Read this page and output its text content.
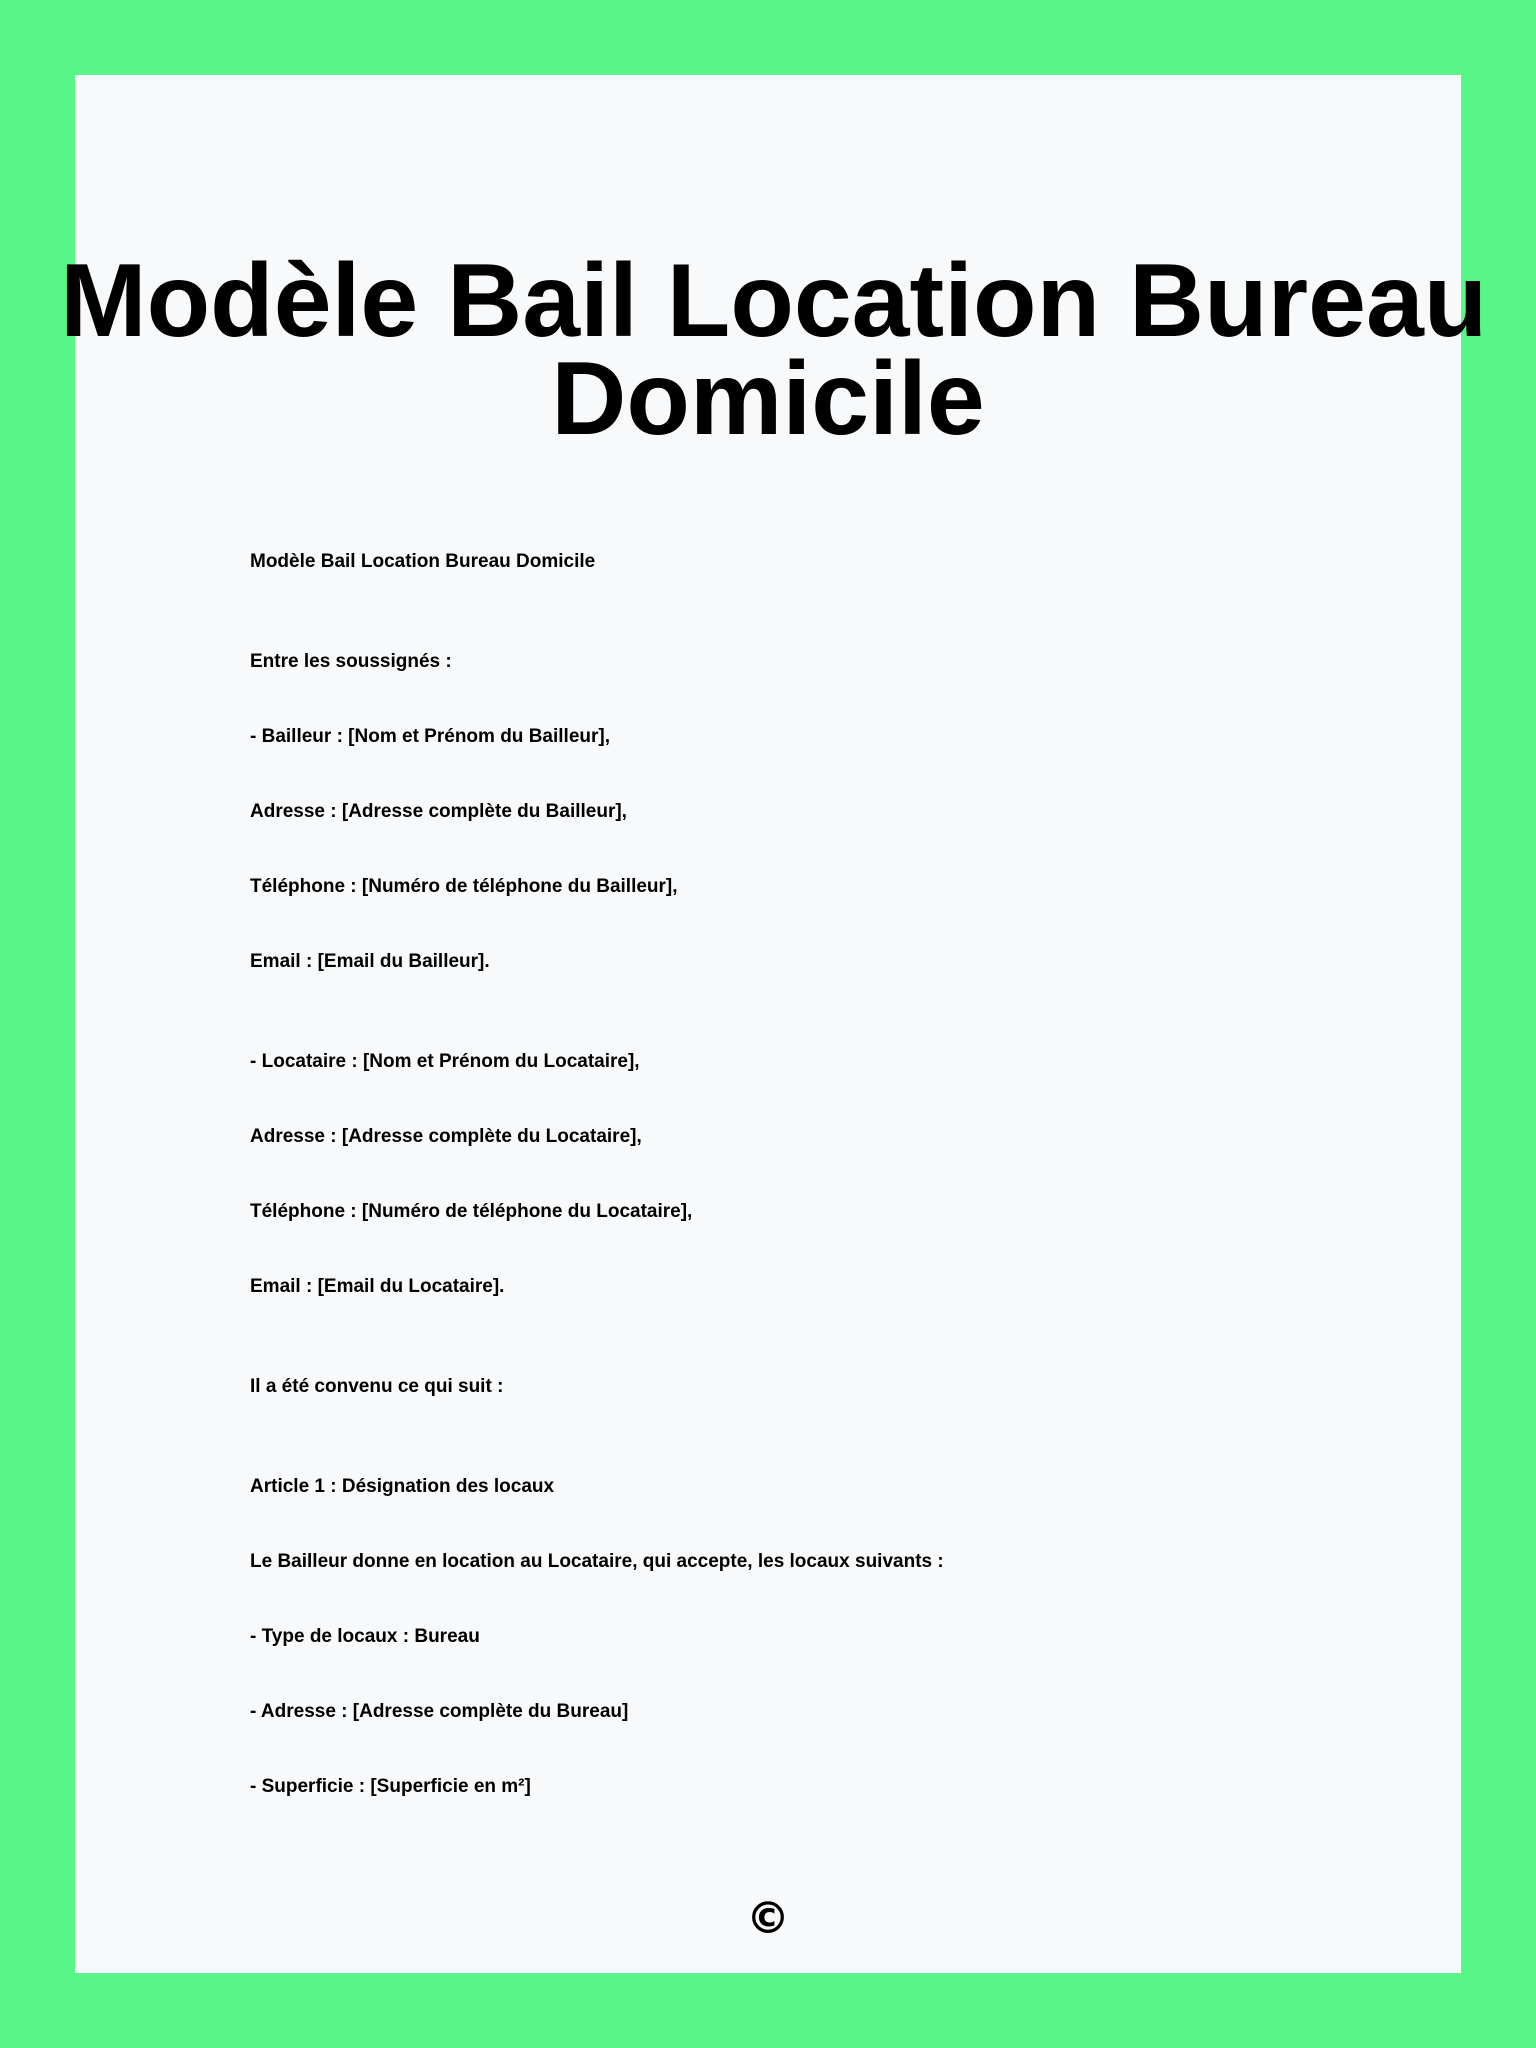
Modèle Bail Location Bureau
Domicile

Modèle Bail Location Bureau Domicile

Entre les soussignés :

- Bailleur : [Nom et Prénom du Bailleur],

Adresse : [Adresse complète du Bailleur],

Téléphone : [Numéro de téléphone du Bailleur],

Email : [Email du Bailleur].

- Locataire : [Nom et Prénom du Locataire],

Adresse : [Adresse complète du Locataire],

Téléphone : [Numéro de téléphone du Locataire],

Email : [Email du Locataire].

Il a été convenu ce qui suit :

Article 1 : Désignation des locaux

Le Bailleur donne en location au Locataire, qui accepte, les locaux suivants :

- Type de locaux : Bureau

- Adresse : [Adresse complète du Bureau]

- Superficie : [Superficie en m²]

©
